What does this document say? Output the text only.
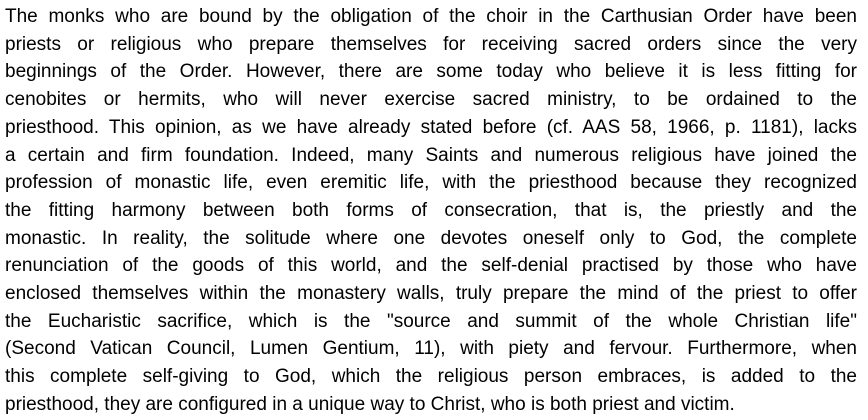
The monks who are bound by the obligation of the choir in the Carthusian Order have been
priests or religious who prepare themselves for receiving sacred orders since the very
beginnings of the Order. However, there are some today who believe it is less fitting for
cenobites or hermits, who will never exercise sacred ministry, to be ordained to the
priesthood. This opinion, as we have already stated before (cf. AAS 58, 1966, p. 1181), lacks
a certain and firm foundation. Indeed, many Saints and numerous religious have joined the
profession of monastic life, even eremitic life, with the priesthood because they recognized
the fitting harmony between both forms of consecration, that is, the priestly and the
monastic. In reality, the solitude where one devotes oneself only to God, the complete
renunciation of the goods of this world, and the self-denial practised by those who have
enclosed themselves within the monastery walls, truly prepare the mind of the priest to offer
the Eucharistic sacrifice, which is the "source and summit of the whole Christian life"
(Second Vatican Council, Lumen Gentium, 11), with piety and fervour. Furthermore, when
this complete self-giving to God, which the religious person embraces, is added to the
priesthood, they are configured in a unique way to Christ, who is both priest and victim.
